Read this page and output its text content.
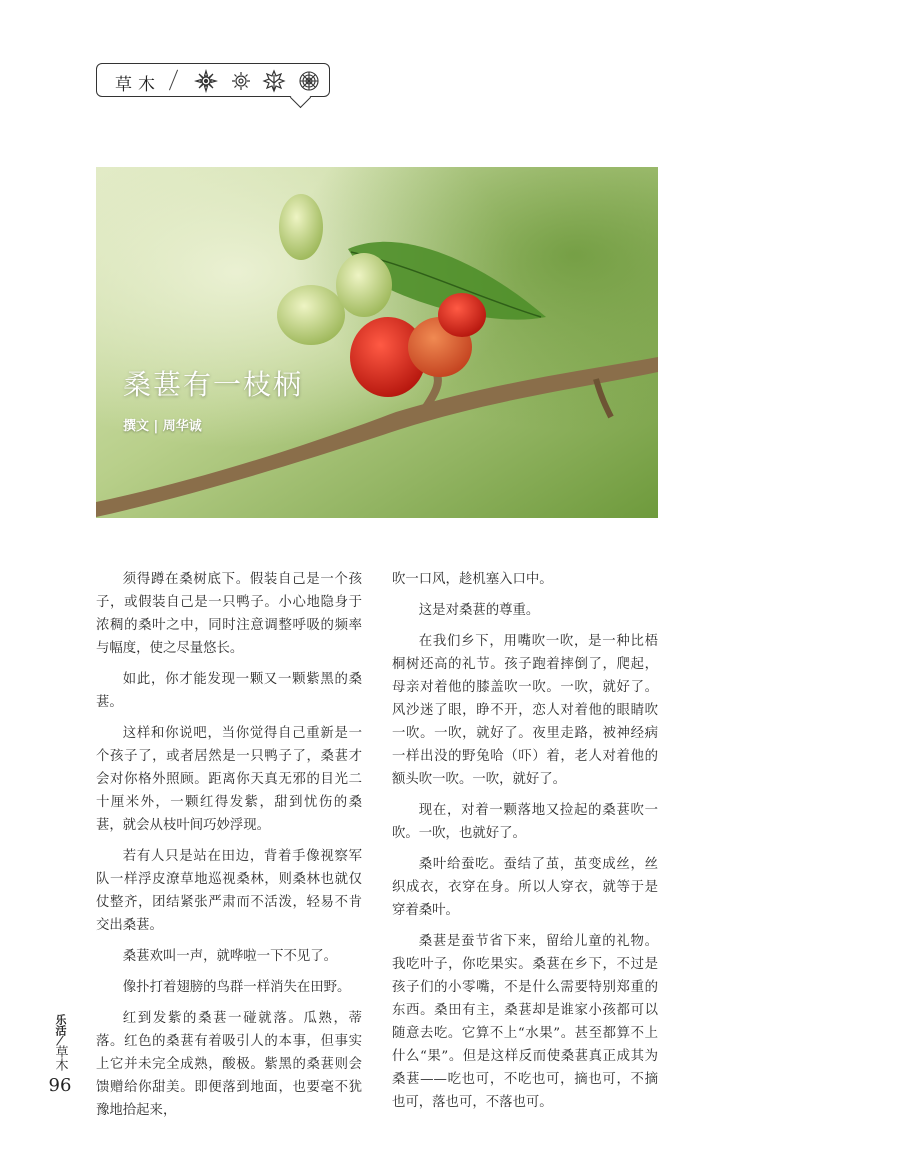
草木
桑葚有一枝柄
撰文 | 周华诚

须得蹲在桑树底下。假装自己是一个孩子，或假装自己是一只鸭子。小心地隐身于浓稠的桑叶之中，同时注意调整呼吸的频率与幅度，使之尽量悠长。

如此，你才能发现一颗又一颗紫黑的桑葚。

这样和你说吧，当你觉得自己重新是一个孩子了，或者居然是一只鸭子了，桑葚才会对你格外照顾。距离你天真无邪的目光二十厘米外，一颗红得发紫，甜到忧伤的桑葚，就会从枝叶间巧妙浮现。

若有人只是站在田边，背着手像视察军队一样浮皮潦草地巡视桑林，则桑林也就仅仗整齐，团结紧张严肃而不活泼，轻易不肯交出桑葚。

桑葚欢叫一声，就哗啦一下不见了。

像扑打着翅膀的鸟群一样消失在田野。

红到发紫的桑葚一碰就落。瓜熟，蒂落。红色的桑葚有着吸引人的本事，但事实上它并未完全成熟，酸极。紫黑的桑葚则会馈赠给你甜美。即便落到地面，也要毫不犹豫地拾起来，

吹一口风，趁机塞入口中。

这是对桑葚的尊重。

在我们乡下，用嘴吹一吹，是一种比梧桐树还高的礼节。孩子跑着摔倒了，爬起，母亲对着他的膝盖吹一吹。一吹，就好了。风沙迷了眼，睁不开，恋人对着他的眼睛吹一吹。一吹，就好了。夜里走路，被神经病一样出没的野兔哈（吓）着，老人对着他的额头吹一吹。一吹，就好了。

现在，对着一颗落地又捡起的桑葚吹一吹。一吹，也就好了。

桑叶给蚕吃。蚕结了茧，茧变成丝，丝织成衣，衣穿在身。所以人穿衣，就等于是穿着桑叶。

桑葚是蚕节省下来，留给儿童的礼物。我吃叶子，你吃果实。桑葚在乡下，不过是孩子们的小零嘴，不是什么需要特别郑重的东西。桑田有主，桑葚却是谁家小孩都可以随意去吃。它算不上“水果”。甚至都算不上什么“果”。但是这样反而使桑葚真正成其为桑葚——吃也可，不吃也可，摘也可，不摘也可，落也可，不落也可。

乐活
草木
96
